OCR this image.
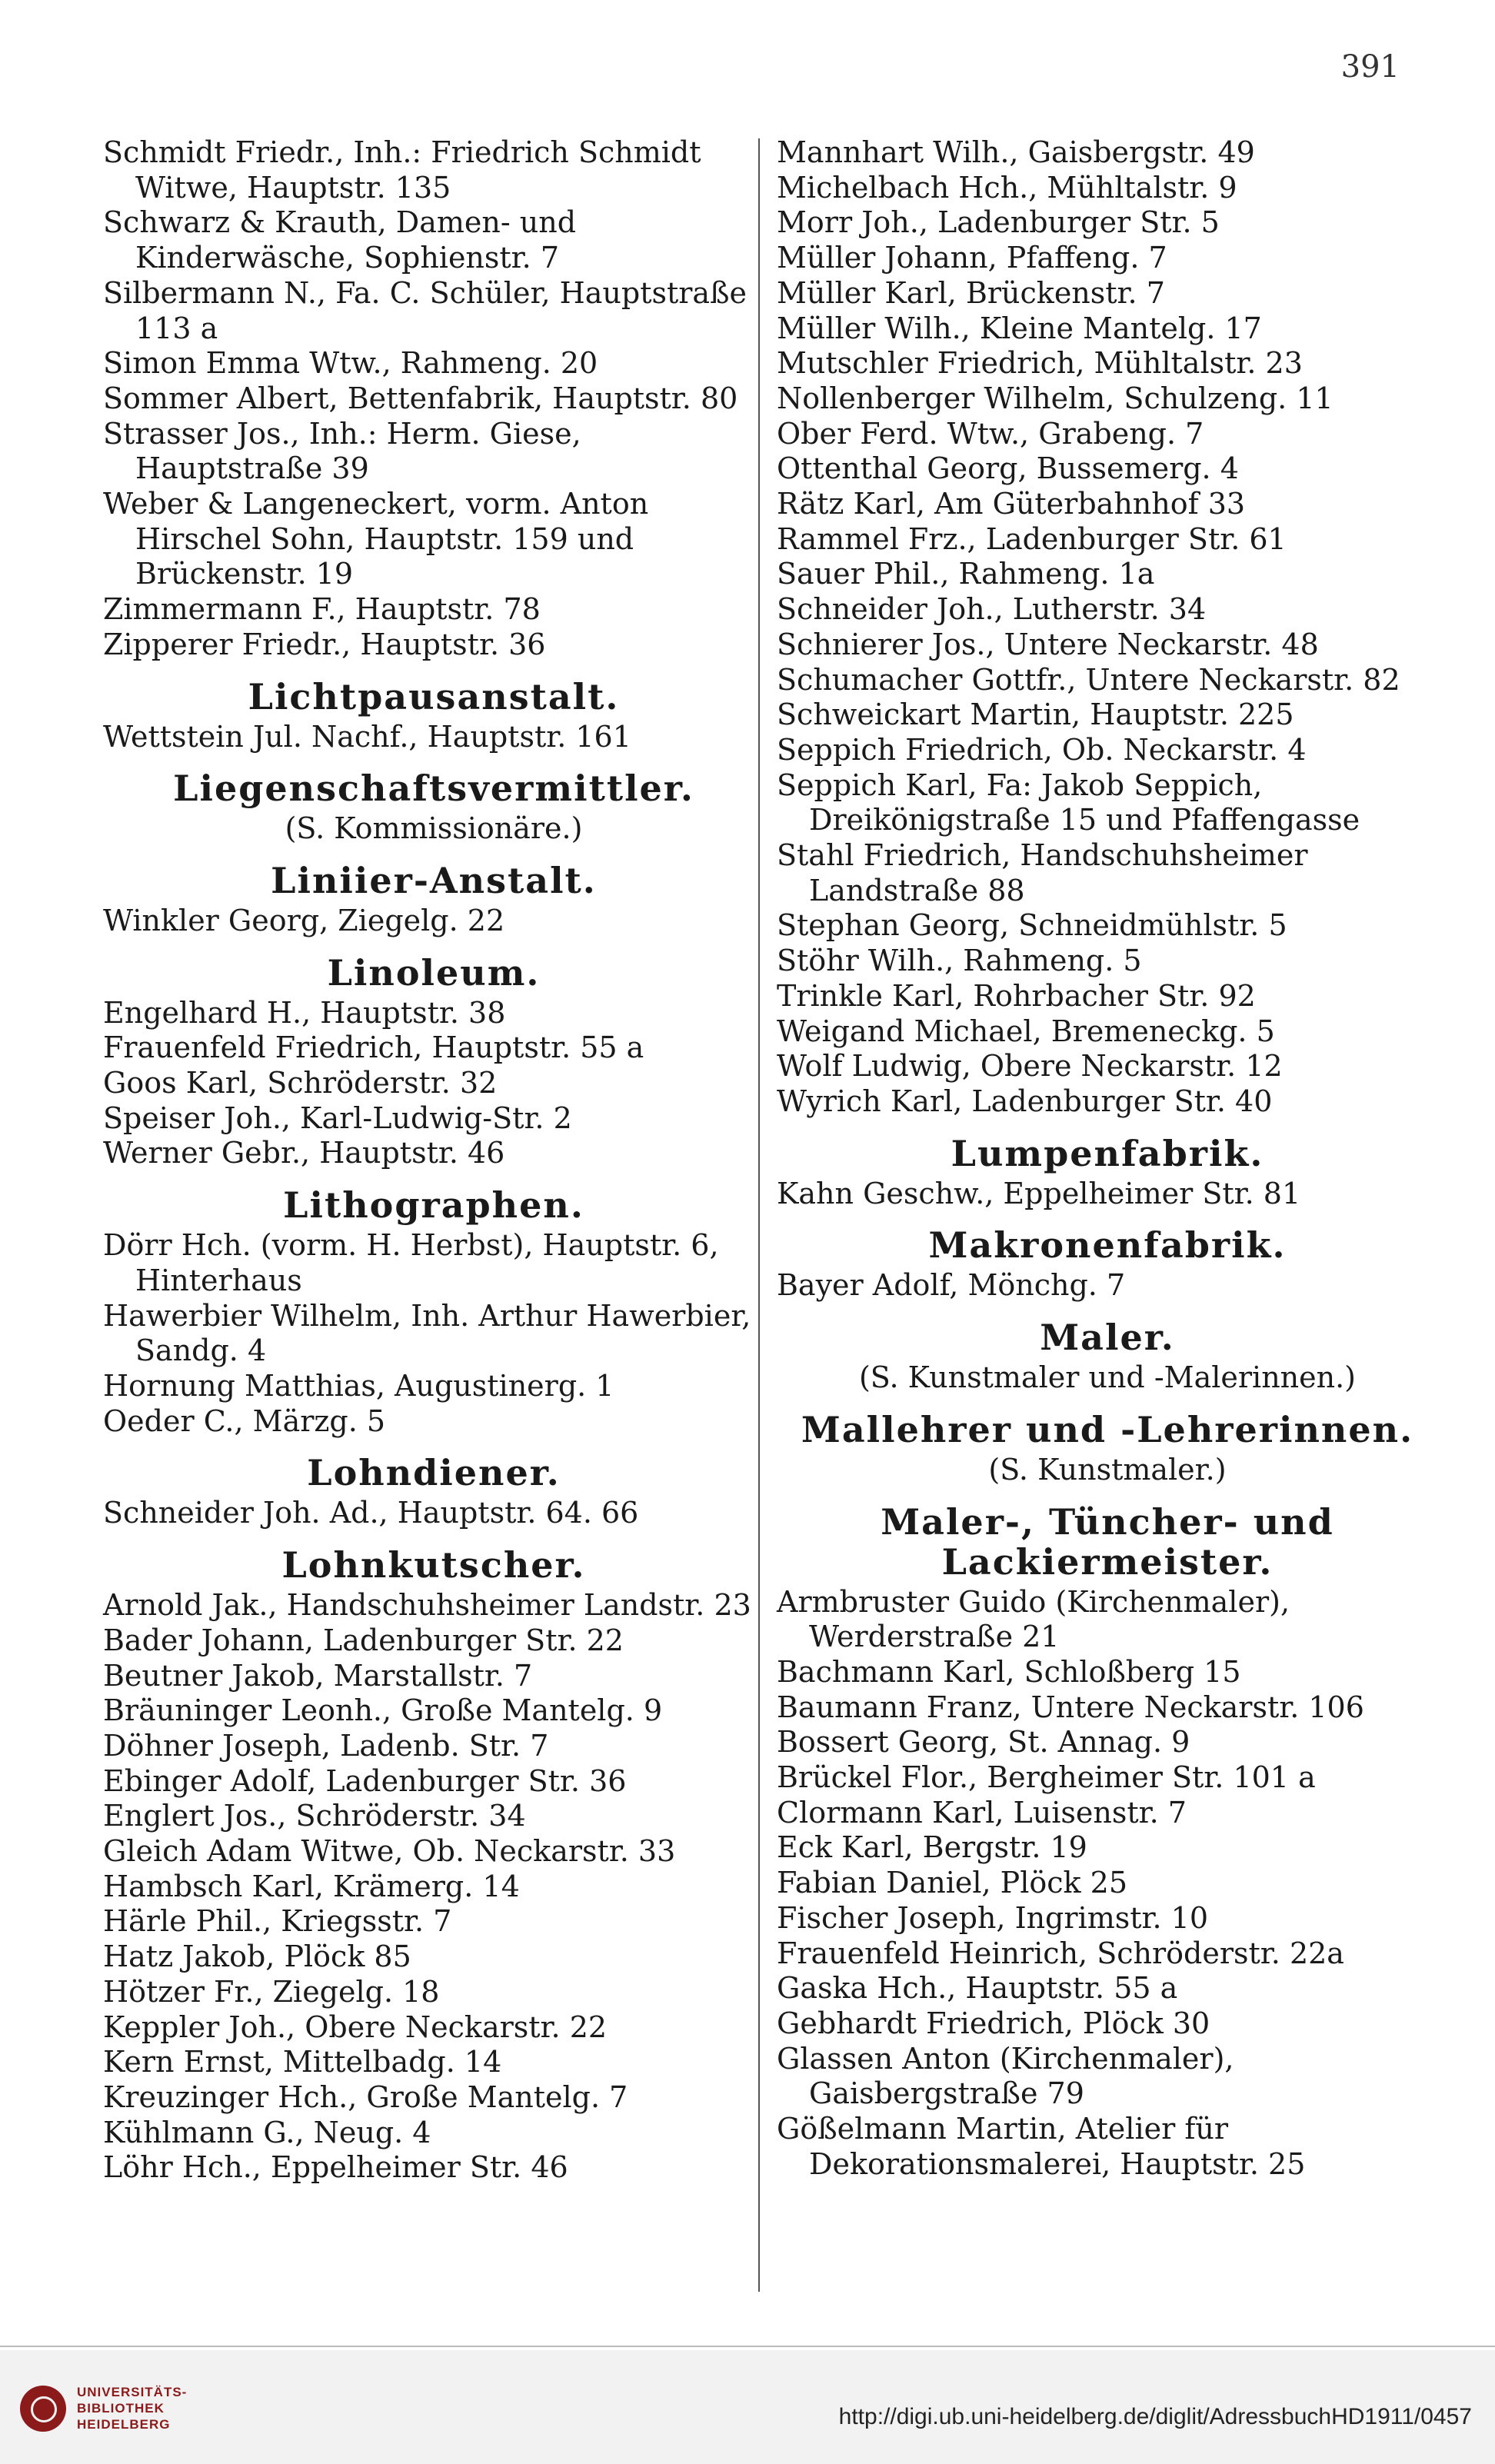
391

Schmidt Friedr., Inh.: Friedrich Schmidt Witwe, Hauptstr. 135

Schwarz & Krauth, Damen- und Kinderwäsche, Sophienstr. 7

Silbermann N., Fa. C. Schüler, Hauptstraße 113 a

Simon Emma Wtw., Rahmeng. 20

Sommer Albert, Bettenfabrik, Hauptstr. 80

Strasser Jos., Inh.: Herm. Giese, Hauptstraße 39

Weber & Langeneckert, vorm. Anton Hirschel Sohn, Hauptstr. 159 und Brückenstr. 19

Zimmermann F., Hauptstr. 78

Zipperer Friedr., Hauptstr. 36

Lichtpausanstalt.

Wettstein Jul. Nachf., Hauptstr. 161

Liegenschaftsvermittler.

(S. Kommissionäre.)

Liniier-Anstalt.

Winkler Georg, Ziegelg. 22

Linoleum.

Engelhard H., Hauptstr. 38

Frauenfeld Friedrich, Hauptstr. 55 a

Goos Karl, Schröderstr. 32

Speiser Joh., Karl-Ludwig-Str. 2

Werner Gebr., Hauptstr. 46

Lithographen.

Dörr Hch. (vorm. H. Herbst), Hauptstr. 6, Hinterhaus

Hawerbier Wilhelm, Inh. Arthur Hawerbier, Sandg. 4

Hornung Matthias, Augustinerg. 1

Oeder C., Märzg. 5

Lohndiener.

Schneider Joh. Ad., Hauptstr. 64. 66

Lohnkutscher.

Arnold Jak., Handschuhsheimer Landstr. 23

Bader Johann, Ladenburger Str. 22

Beutner Jakob, Marstallstr. 7

Bräuninger Leonh., Große Mantelg. 9

Döhner Joseph, Ladenb. Str. 7

Ebinger Adolf, Ladenburger Str. 36

Englert Jos., Schröderstr. 34

Gleich Adam Witwe, Ob. Neckarstr. 33

Hambsch Karl, Krämerg. 14

Härle Phil., Kriegsstr. 7

Hatz Jakob, Plöck 85

Hötzer Fr., Ziegelg. 18

Keppler Joh., Obere Neckarstr. 22

Kern Ernst, Mittelbadg. 14

Kreuzinger Hch., Große Mantelg. 7

Kühlmann G., Neug. 4

Löhr Hch., Eppelheimer Str. 46

Mannhart Wilh., Gaisbergstr. 49

Michelbach Hch., Mühltalstr. 9

Morr Joh., Ladenburger Str. 5

Müller Johann, Pfaffeng. 7

Müller Karl, Brückenstr. 7

Müller Wilh., Kleine Mantelg. 17

Mutschler Friedrich, Mühltalstr. 23

Nollenberger Wilhelm, Schulzeng. 11

Ober Ferd. Wtw., Grabeng. 7

Ottenthal Georg, Bussemerg. 4

Rätz Karl, Am Güterbahnhof 33

Rammel Frz., Ladenburger Str. 61

Sauer Phil., Rahmeng. 1a

Schneider Joh., Lutherstr. 34

Schnierer Jos., Untere Neckarstr. 48

Schumacher Gottfr., Untere Neckarstr. 82

Schweickart Martin, Hauptstr. 225

Seppich Friedrich, Ob. Neckarstr. 4

Seppich Karl, Fa: Jakob Seppich, Dreikönigstraße 15 und Pfaffengasse

Stahl Friedrich, Handschuhsheimer Landstraße 88

Stephan Georg, Schneidmühlstr. 5

Stöhr Wilh., Rahmeng. 5

Trinkle Karl, Rohrbacher Str. 92

Weigand Michael, Bremeneckg. 5

Wolf Ludwig, Obere Neckarstr. 12

Wyrich Karl, Ladenburger Str. 40

Lumpenfabrik.

Kahn Geschw., Eppelheimer Str. 81

Makronenfabrik.

Bayer Adolf, Mönchg. 7

Maler.

(S. Kunstmaler und -Malerinnen.)

Mallehrer und -Lehrerinnen.

(S. Kunstmaler.)

Maler-, Tüncher- und Lackiermeister.

Armbruster Guido (Kirchenmaler), Werderstraße 21

Bachmann Karl, Schloßberg 15

Baumann Franz, Untere Neckarstr. 106

Bossert Georg, St. Annag. 9

Brückel Flor., Bergheimer Str. 101 a

Clormann Karl, Luisenstr. 7

Eck Karl, Bergstr. 19

Fabian Daniel, Plöck 25

Fischer Joseph, Ingrimstr. 10

Frauenfeld Heinrich, Schröderstr. 22a

Gaska Hch., Hauptstr. 55 a

Gebhardt Friedrich, Plöck 30

Glassen Anton (Kirchenmaler), Gaisbergstraße 79

Gößelmann Martin, Atelier für Dekorationsmalerei, Hauptstr. 25

UNIVERSITÄTS-
BIBLIOTHEK
HEIDELBERG	http://digi.ub.uni-heidelberg.de/diglit/AdressbuchHD1911/0457
